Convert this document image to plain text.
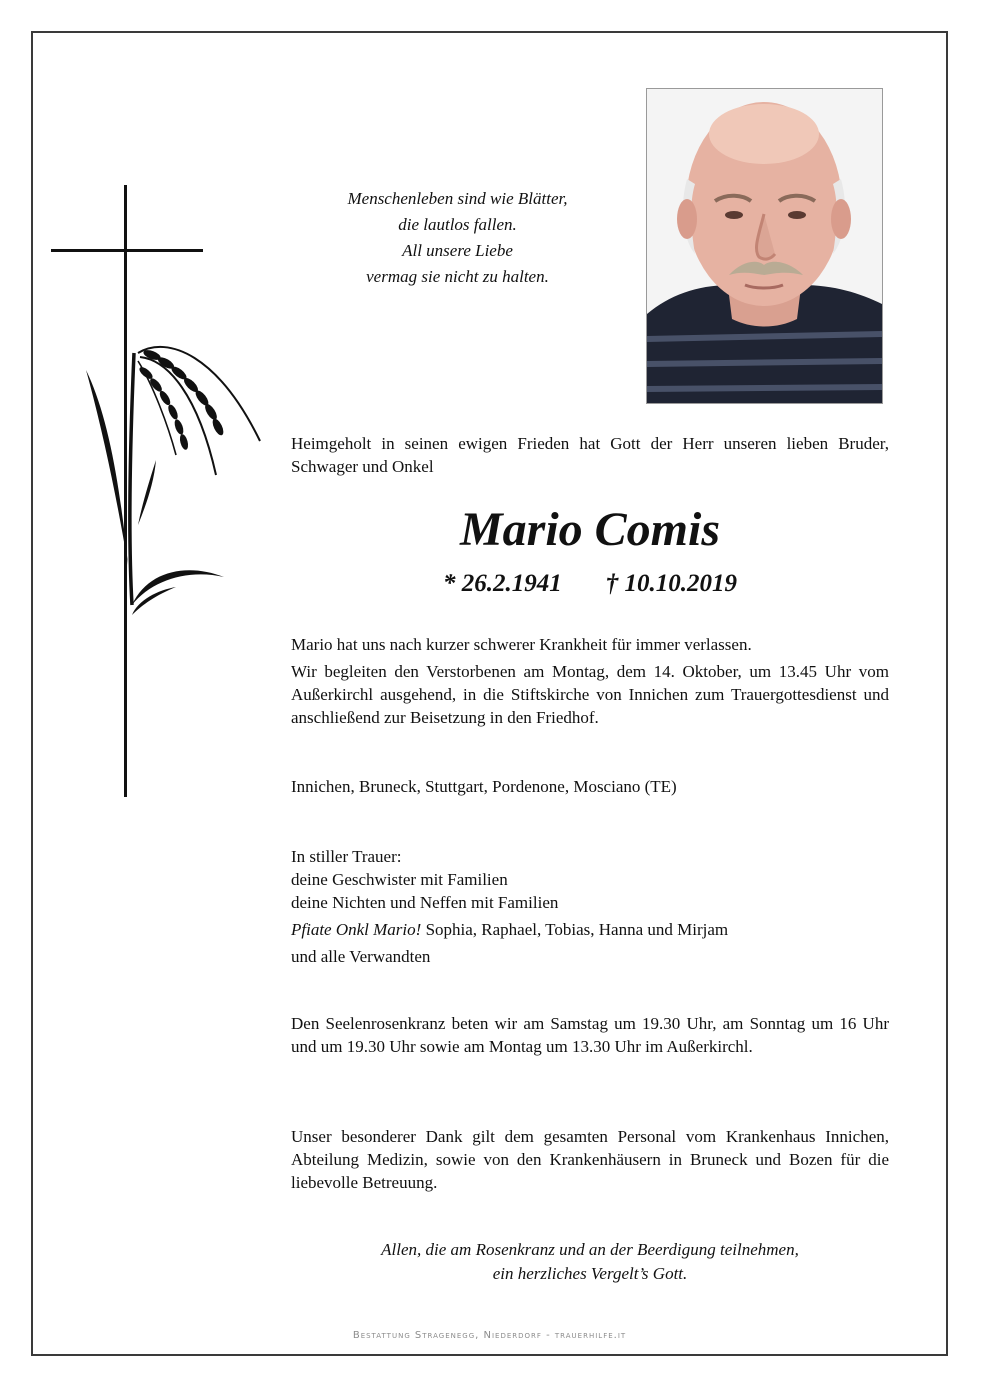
Menschenleben sind wie Blätter,
die lautlos fallen.
All unsere Liebe
vermag sie nicht zu halten.

Heimgeholt in seinen ewigen Frieden hat Gott der Herr unseren lieben Bruder, Schwager und Onkel

Mario Comis
* 26.2.1941 † 10.10.2019

Mario hat uns nach kurzer schwerer Krankheit für immer verlassen.

Wir begleiten den Verstorbenen am Montag, dem 14. Oktober, um 13.45 Uhr vom Außerkirchl ausgehend, in die Stiftskirche von Innichen zum Trauergottesdienst und anschließend zur Beisetzung in den Friedhof.

Innichen, Bruneck, Stuttgart, Pordenone, Mosciano (TE)

In stiller Trauer:
deine Geschwister mit Familien
deine Nichten und Neffen mit Familien
Pfiate Onkl Mario! Sophia, Raphael, Tobias, Hanna und Mirjam
und alle Verwandten

Den Seelenrosenkranz beten wir am Samstag um 19.30 Uhr, am Sonntag um 16 Uhr und um 19.30 Uhr sowie am Montag um 13.30 Uhr im Außerkirchl.

Unser besonderer Dank gilt dem gesamten Personal vom Krankenhaus Innichen, Abteilung Medizin, sowie von den Krankenhäusern in Bruneck und Bozen für die liebevolle Betreuung.

Allen, die am Rosenkranz und an der Beerdigung teilnehmen,
ein herzliches Vergelt’s Gott.
Bestattung Stragenegg, Niederdorf - trauerhilfe.it
